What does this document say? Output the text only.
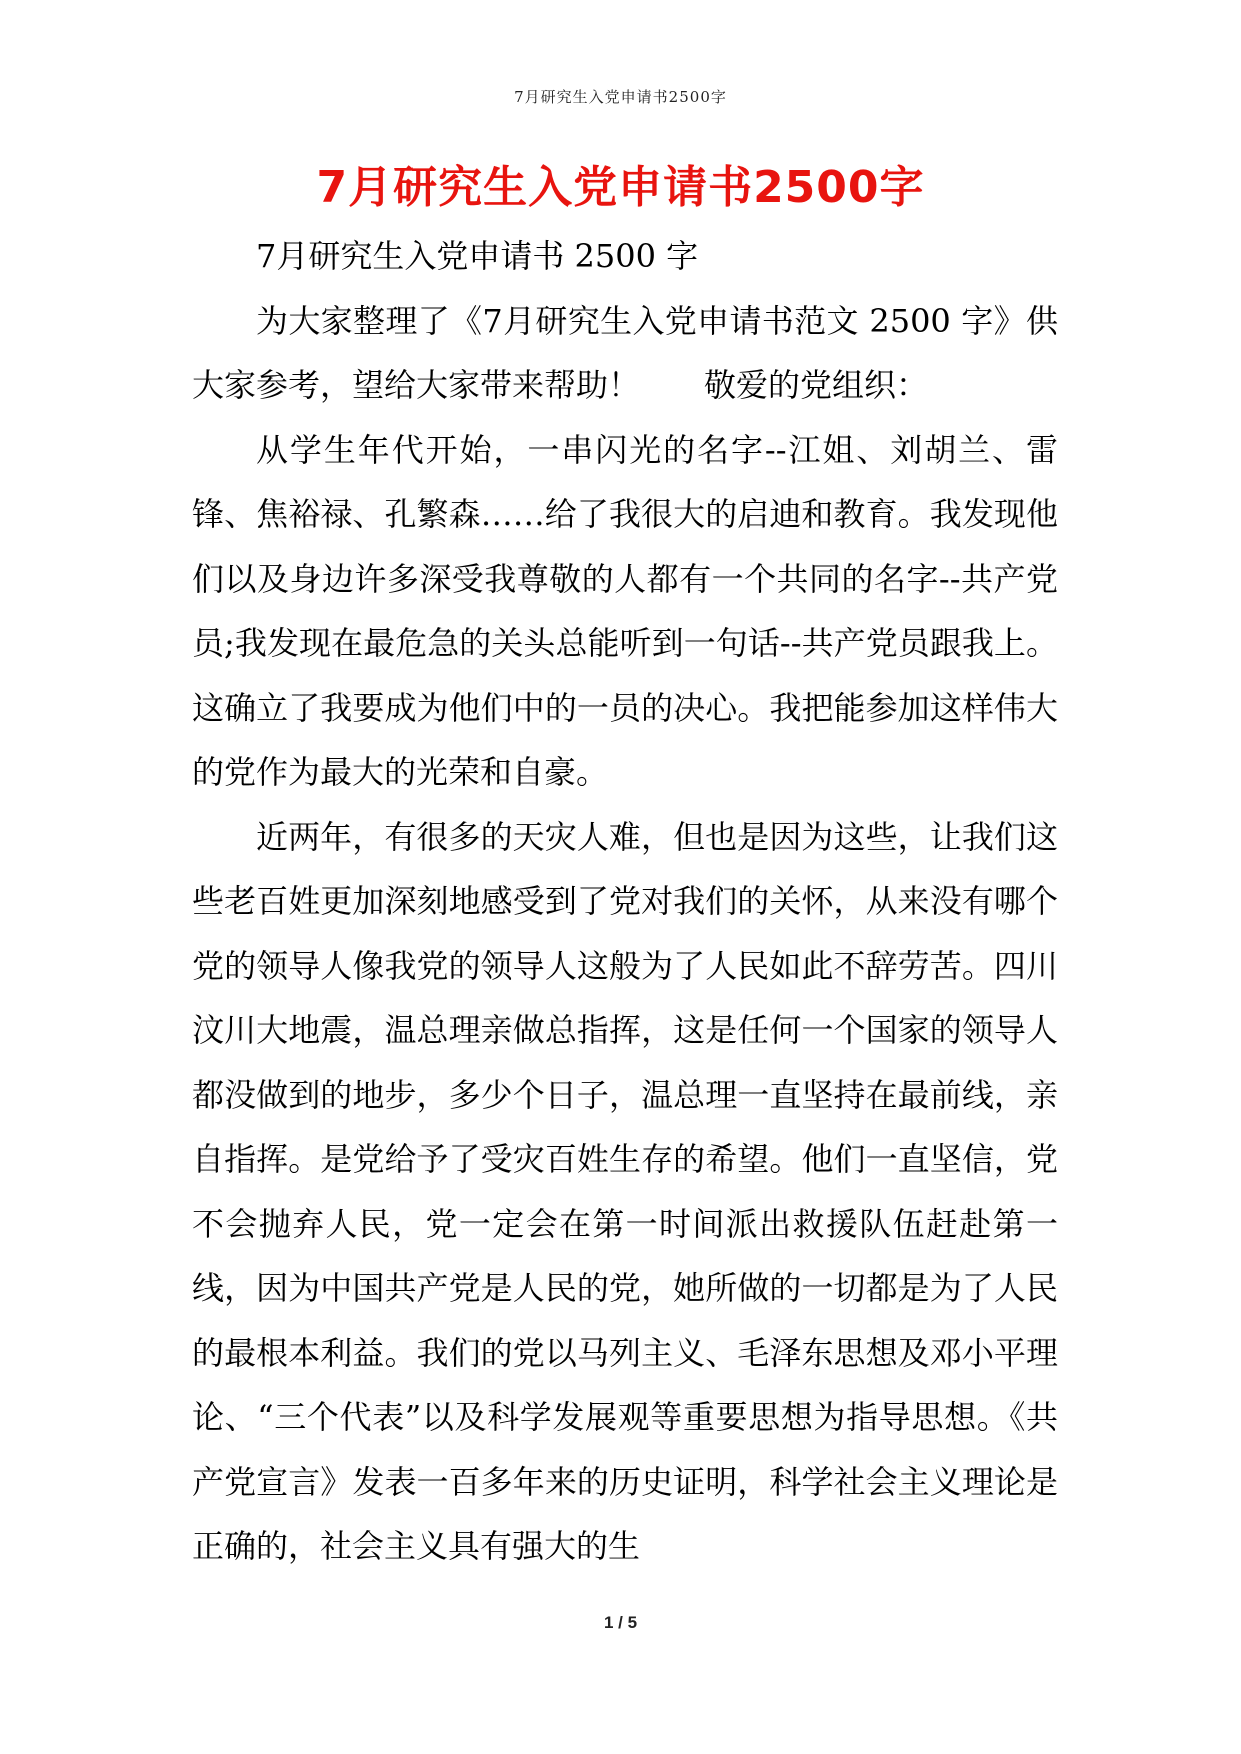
7月研究生入党申请书2500字
7月研究生入党申请书2500字

7月研究生入党申请书 2500 字

为大家整理了《7月研究生入党申请书范文 2500 字》供大家参考，望给大家带来帮助！　　敬爱的党组织：

从学生年代开始，一串闪光的名字--江姐、刘胡兰、雷锋、焦裕禄、孔繁森……给了我很大的启迪和教育。我发现他们以及身边许多深受我尊敬的人都有一个共同的名字--共产党员;我发现在最危急的关头总能听到一句话--共产党员跟我上。这确立了我要成为他们中的一员的决心。我把能参加这样伟大的党作为最大的光荣和自豪。

近两年，有很多的天灾人难，但也是因为这些，让我们这些老百姓更加深刻地感受到了党对我们的关怀，从来没有哪个党的领导人像我党的领导人这般为了人民如此不辞劳苦。四川汶川大地震，温总理亲做总指挥，这是任何一个国家的领导人都没做到的地步，多少个日子，温总理一直坚持在最前线，亲自指挥。是党给予了受灾百姓生存的希望。他们一直坚信，党不会抛弃人民，党一定会在第一时间派出救援队伍赶赴第一线，因为中国共产党是人民的党，她所做的一切都是为了人民的最根本利益。我们的党以马列主义、毛泽东思想及邓小平理论、“三个代表”以及科学发展观等重要思想为指导思想。《共产党宣言》发表一百多年来的历史证明，科学社会主义理论是正确的，社会主义具有强大的生

1 / 5
